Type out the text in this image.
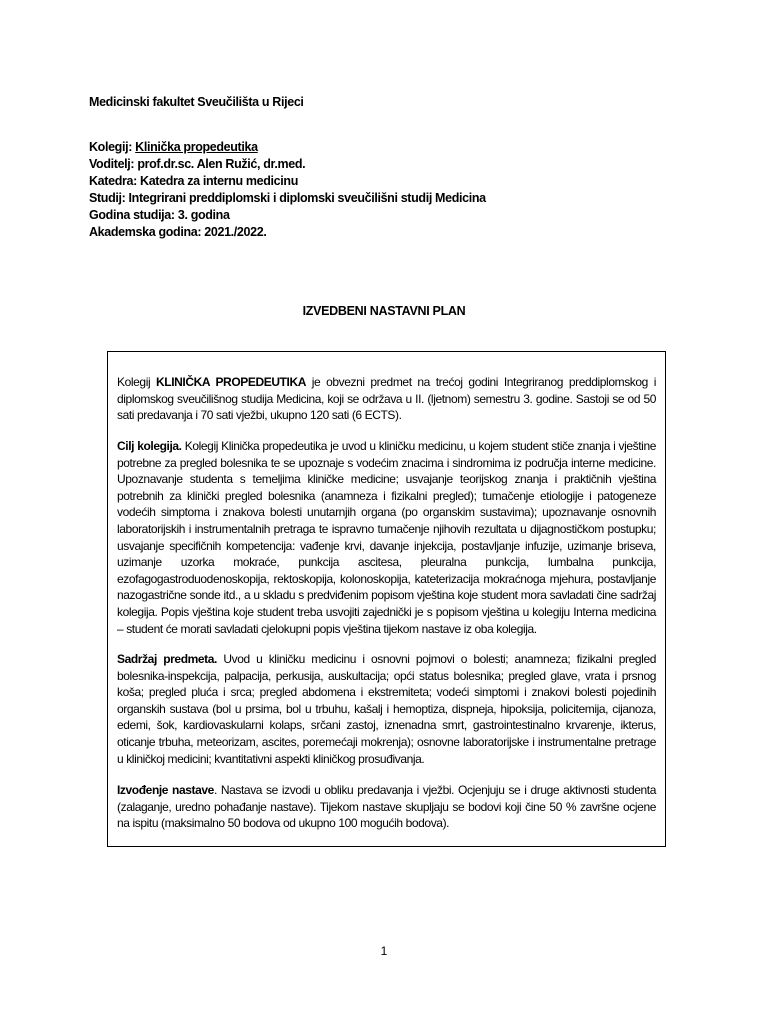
Medicinski fakultet Sveučilišta u Rijeci
Kolegij: Klinička propedeutika
Voditelj: prof.dr.sc. Alen Ružić, dr.med.
Katedra: Katedra za internu medicinu
Studij: Integrirani preddiplomski i diplomski sveučilišni studij Medicina
Godina studija: 3. godina
Akademska godina: 2021./2022.
IZVEDBENI NASTAVNI PLAN
Kolegij KLINIČKA PROPEDEUTIKA je obvezni predmet na trećoj godini Integriranog preddiplomskog i diplomskog sveučilišnog studija Medicina, koji se održava u II. (ljetnom) semestru 3. godine. Sastoji se od 50 sati predavanja i 70 sati vježbi, ukupno 120 sati (6 ECTS).
Cilj kolegija. Kolegij Klinička propedeutika je uvod u kliničku medicinu, u kojem student stiče znanja i vještine potrebne za pregled bolesnika te se upoznaje s vodećim znacima i sindromima iz područja interne medicine. Upoznavanje studenta s temeljima kliničke medicine; usvajanje teorijskog znanja i praktičnih vještina potrebnih za klinički pregled bolesnika (anamneza i fizikalni pregled); tumačenje etiologije i patogeneze vodećih simptoma i znakova bolesti unutarnjih organa (po organskim sustavima); upoznavanje osnovnih laboratorijskih i instrumentalnih pretraga te ispravno tumačenje njihovih rezultata u dijagnostičkom postupku; usvajanje specifičnih kompetencija: vađenje krvi, davanje injekcija, postavljanje infuzije, uzimanje briseva, uzimanje uzorka mokraće, punkcija ascitesa, pleuralna punkcija, lumbalna punkcija, ezofagogastroduodenoskopija, rektoskopija, kolonoskopija, kateterizacija mokraćnoga mjehura, postavljanje nazogastrične sonde itd., a u skladu s predviđenim popisom vještina koje student mora savladati čine sadržaj kolegija. Popis vještina koje student treba usvojiti zajednički je s popisom vještina u kolegiju Interna medicina – student će morati savladati cjelokupni popis vještina tijekom nastave iz oba kolegija.
Sadržaj predmeta. Uvod u kliničku medicinu i osnovni pojmovi o bolesti; anamneza; fizikalni pregled bolesnika-inspekcija, palpacija, perkusija, auskultacija; opći status bolesnika; pregled glave, vrata i prsnog koša; pregled pluća i srca; pregled abdomena i ekstremiteta; vodeći simptomi i znakovi bolesti pojedinih organskih sustava (bol u prsima, bol u trbuhu, kašalj i hemoptiza, dispneja, hipoksija, policitemija, cijanoza, edemi, šok, kardiovaskularni kolaps, srčani zastoj, iznenadna smrt, gastrointestinalno krvarenje, ikterus, oticanje trbuha, meteorizam, ascites, poremećaji mokrenja); osnovne laboratorijske i instrumentalne pretrage u kliničkoj medicini; kvantitativni aspekti kliničkog prosuđivanja.
Izvođenje nastave. Nastava se izvodi u obliku predavanja i vježbi. Ocjenjuju se i druge aktivnosti studenta (zalaganje, uredno pohađanje nastave). Tijekom nastave skupljaju se bodovi koji čine 50 % završne ocjene na ispitu (maksimalno 50 bodova od ukupno 100 mogućih bodova).
1
